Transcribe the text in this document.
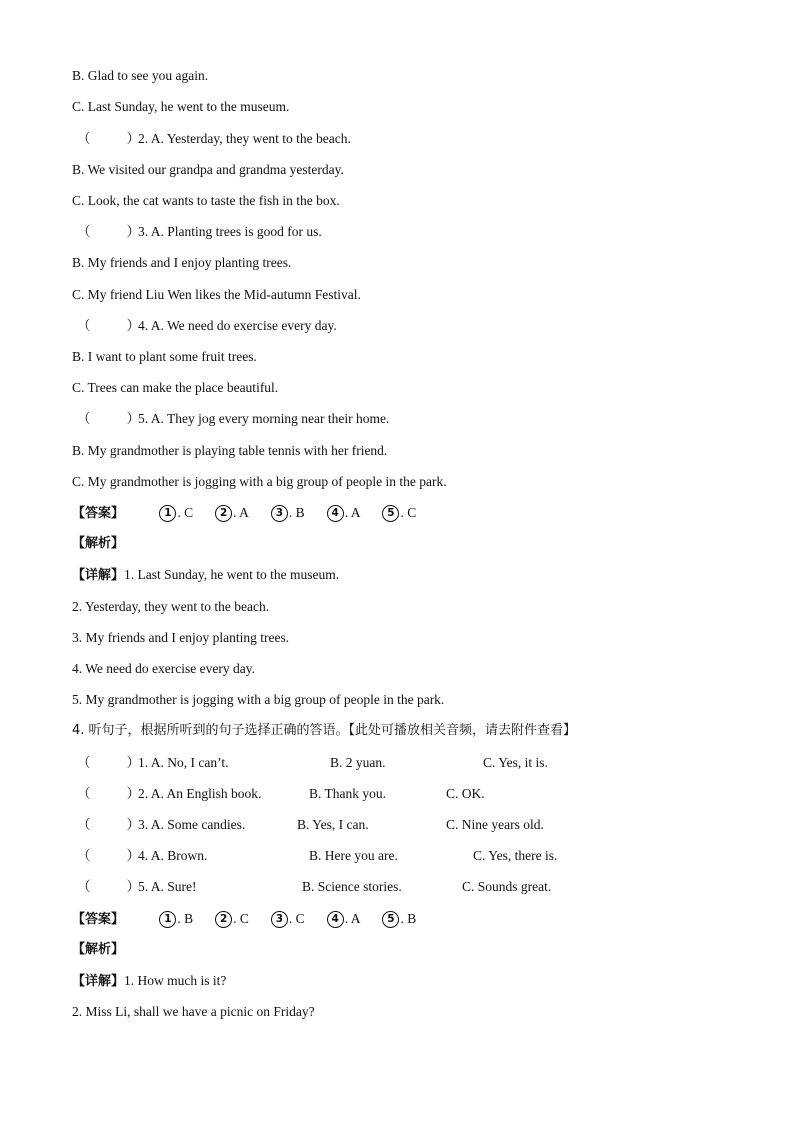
B. Glad to see you again.
C. Last Sunday, he went to the museum.
（	）2. A. Yesterday, they went to the beach.
B. We visited our grandpa and grandma yesterday.
C. Look, the cat wants to taste the fish in the box.
（	）3. A. Planting trees is good for us.
B. My friends and I enjoy planting trees.
C. My friend Liu Wen likes the Mid-autumn Festival.
（	）4. A. We need do exercise every day.
B. I want to plant some fruit trees.
C. Trees can make the place beautiful.
（	）5. A. They jog every morning near their home.
B. My grandmother is playing table tennis with her friend.
C. My grandmother is jogging with a big group of people in the park.
【答案】	1 . C	2 . A	3 . B	4 . A	5 . C
【解析】
【详解】1. Last Sunday, he went to the museum.
2. Yesterday, they went to the beach.
3. My friends and I enjoy planting trees.
4. We need do exercise every day.
5. My grandmother is jogging with a big group of people in the park.
4. 听句子，根据所听到的句子选择正确的答语。【此处可播放相关音频，请去附件查看】
（	）1. A. No, I can’t.	B. 2 yuan.	C. Yes, it is.
（	）2. A. An English book.	B. Thank you.	C. OK.
（	）3. A. Some candies.	B. Yes, I can.	C. Nine years old.
（	）4. A. Brown.	B. Here you are.	C. Yes, there is.
（	）5. A. Sure!	B. Science stories.	C. Sounds great.
【答案】	1 . B	2 . C	3 . C	4 . A	5 . B
【解析】
【详解】1. How much is it?
2. Miss Li, shall we have a picnic on Friday?
